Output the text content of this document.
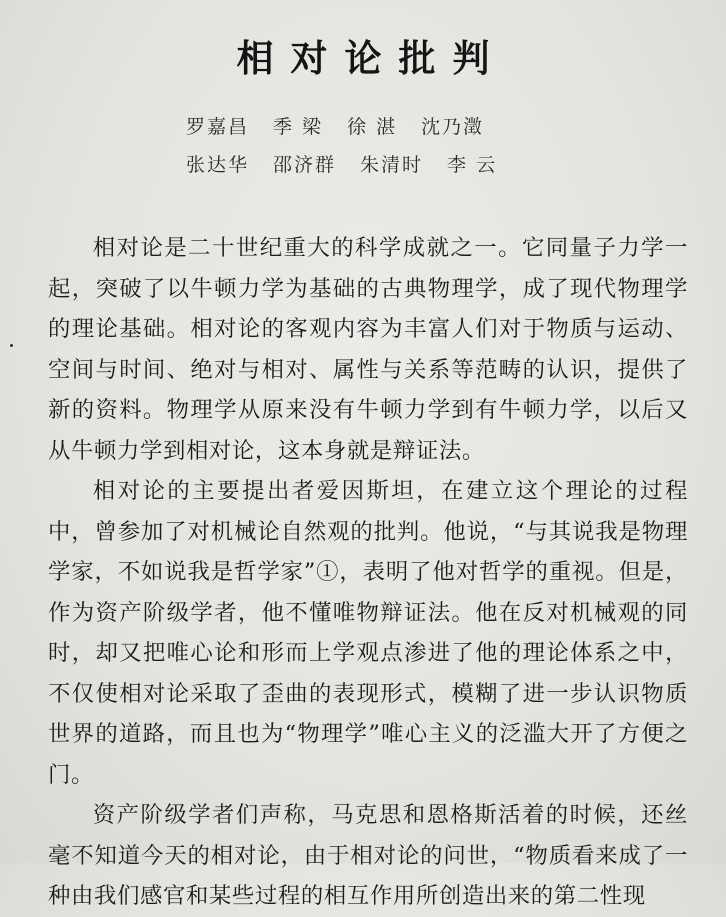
相对论批判
罗嘉昌 季 梁 徐 湛 沈乃澂
张达华 邵济群 朱清时 李 云

相对论是二十世纪重大的科学成就之一。它同量子力学一起，突破了以牛顿力学为基础的古典物理学，成了现代物理学的理论基础。相对论的客观内容为丰富人们对于物质与运动、空间与时间、绝对与相对、属性与关系等范畴的认识，提供了新的资料。物理学从原来没有牛顿力学到有牛顿力学，以后又从牛顿力学到相对论，这本身就是辩证法。

相对论的主要提出者爱因斯坦，在建立这个理论的过程中，曾参加了对机械论自然观的批判。他说，“与其说我是物理学家，不如说我是哲学家”①，表明了他对哲学的重视。但是，作为资产阶级学者，他不懂唯物辩证法。他在反对机械观的同时，却又把唯心论和形而上学观点渗进了他的理论体系之中，不仅使相对论采取了歪曲的表现形式，模糊了进一步认识物质世界的道路，而且也为“物理学”唯心主义的泛滥大开了方便之门。

资产阶级学者们声称，马克思和恩格斯活着的时候，还丝毫不知道今天的相对论，由于相对论的问世，“物质看来成了一种由我们感官和某些过程的相互作用所创造出来的第二性现
